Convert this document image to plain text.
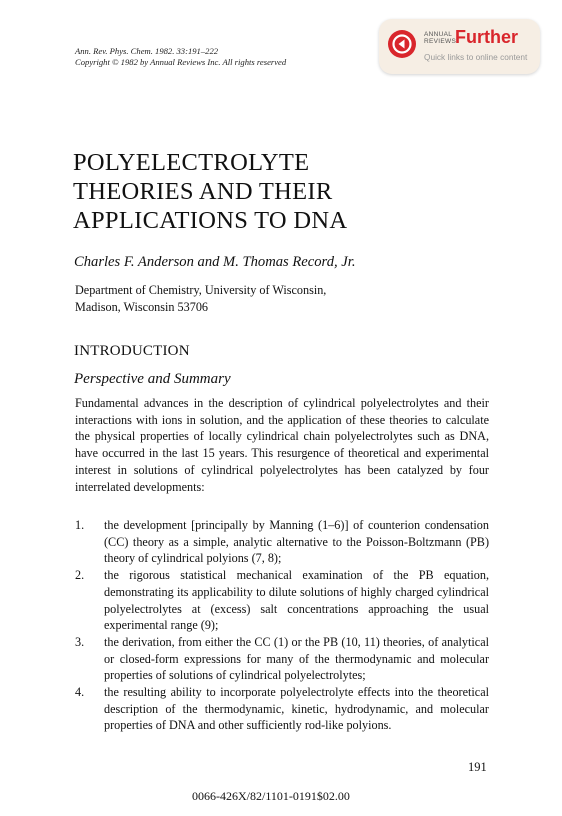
Ann. Rev. Phys. Chem. 1982. 33:191–222
Copyright © 1982 by Annual Reviews Inc. All rights reserved
ANNUAL
REVIEWS
Further
Quick links to online content
POLYELECTROLYTE
THEORIES AND THEIR
APPLICATIONS TO DNA
Charles F. Anderson and M. Thomas Record, Jr.
Department of Chemistry, University of Wisconsin,
Madison, Wisconsin 53706
INTRODUCTION
Perspective and Summary
Fundamental advances in the description of cylindrical polyelectrolytes and their interactions with ions in solution, and the application of these theories to calculate the physical properties of locally cylindrical chain polyelectrolytes such as DNA, have occurred in the last 15 years. This resurgence of theoretical and experimental interest in solutions of cylindrical polyelectrolytes has been catalyzed by four interrelated developments:
1. the development [principally by Manning (1–6)] of counterion condensation (CC) theory as a simple, analytic alternative to the Poisson-Boltzmann (PB) theory of cylindrical polyions (7, 8);
2. the rigorous statistical mechanical examination of the PB equation, demonstrating its applicability to dilute solutions of highly charged cylindrical polyelectrolytes at (excess) salt concentrations approaching the usual experimental range (9);
3. the derivation, from either the CC (1) or the PB (10, 11) theories, of analytical or closed-form expressions for many of the thermodynamic and molecular properties of solutions of cylindrical polyelectrolytes;
4. the resulting ability to incorporate polyelectrolyte effects into the theoretical description of the thermodynamic, kinetic, hydrodynamic, and molecular properties of DNA and other sufficiently rod-like polyions.
191
0066-426X/82/1101-0191$02.00
